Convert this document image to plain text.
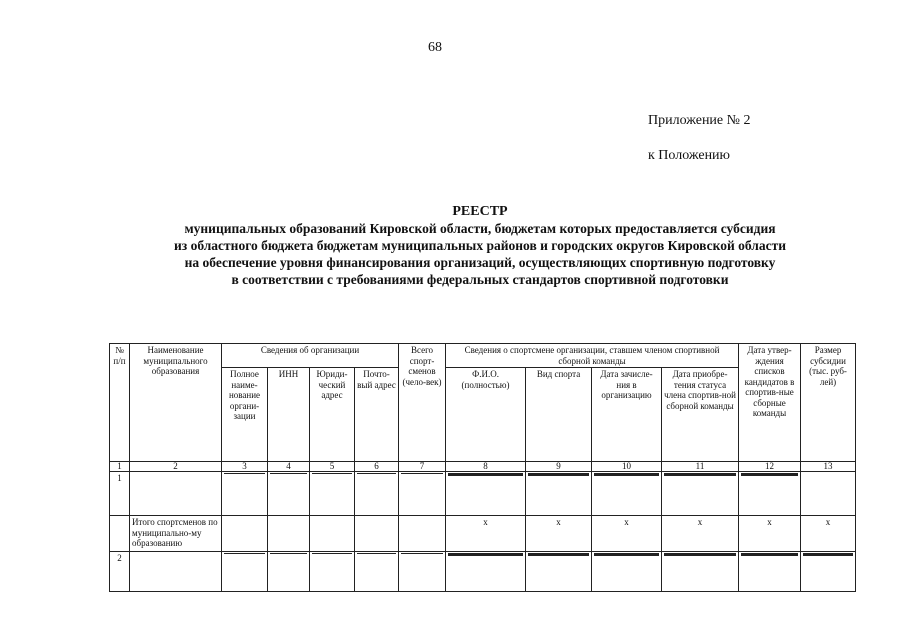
68
Приложение № 2
к Положению
РЕЕСТР
муниципальных образований Кировской области, бюджетам которых предоставляется субсидия
из областного бюджета бюджетам муниципальных районов и городских округов Кировской области
на обеспечение уровня финансирования организаций, осуществляющих спортивную подготовку
в соответствии с требованиями федеральных стандартов спортивной подготовки
№ п/п	Наименование муниципального образования	Сведения об организации				Всего спорт-сменов (чело-век)	Сведения о спортсмене организации, ставшем членом спортивной сборной команды				Дата утвер-ждения списков кандидатов в спортив-ные сборные команды	Размер субсидии (тыс. руб-лей)
		Полное наиме-нование органи-зации	ИНН	Юриди-ческий адрес	Почто-вый адрес		Ф.И.О. (полностью)	Вид спорта	Дата зачисле-ния в организацию	Дата приобре-тения статуса члена спортив-ной сборной команды		
1	2	3	4	5	6	7	8	9	10	11	12	13
1		

	Итого спортсменов по муниципально-му образованию						x	x	x	x	x	x
2		
